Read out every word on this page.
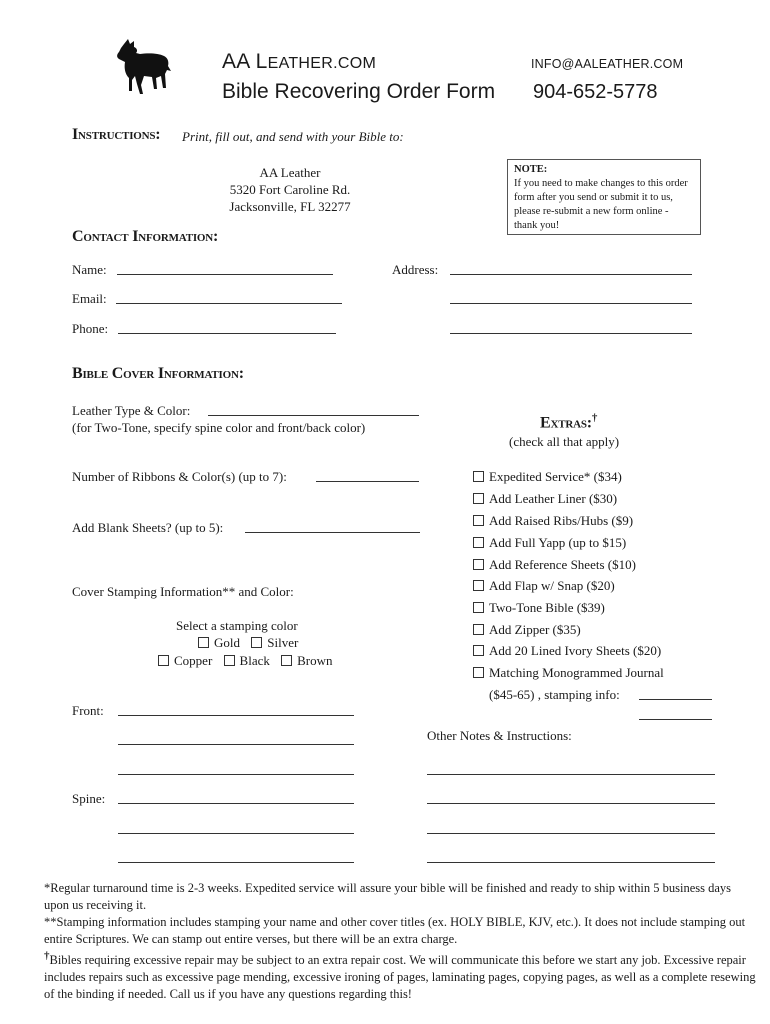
AA LEATHER.COM
Bible Recovering Order Form
INFO@AALEATHER.COM
904-652-5778
Instructions: Print, fill out, and send with your Bible to:
AA Leather
5320 Fort Caroline Rd.
Jacksonville, FL 32277
NOTE:
If you need to make changes to this order form after you send or submit it to us, please re-submit a new form online - thank you!
Contact Information:
Name:
Email:
Phone:
Address:
Bible Cover Information:
Leather Type & Color:
(for Two-Tone, specify spine color and front/back color)
Number of Ribbons & Color(s) (up to 7):
Add Blank Sheets? (up to 5):
Cover Stamping Information** and Color:
Select a stamping color
Gold Silver
Copper Black Brown
Front:
Spine:
Extras:†
(check all that apply)
Expedited Service* ($34)
Add Leather Liner ($30)
Add Raised Ribs/Hubs ($9)
Add Full Yapp (up to $15)
Add Reference Sheets ($10)
Add Flap w/ Snap ($20)
Two-Tone Bible ($39)
Add Zipper ($35)
Add 20 Lined Ivory Sheets ($20)
Matching Monogrammed Journal
($45-65) , stamping info:
Other Notes & Instructions:
*Regular turnaround time is 2-3 weeks. Expedited service will assure your bible will be finished and ready to ship within 5 business days upon us receiving it.
**Stamping information includes stamping your name and other cover titles (ex. HOLY BIBLE, KJV, etc.). It does not include stamping out entire Scriptures. We can stamp out entire verses, but there will be an extra charge.
†Bibles requiring excessive repair may be subject to an extra repair cost. We will communicate this before we start any job. Excessive repair includes repairs such as excessive page mending, excessive ironing of pages, laminating pages, copying pages, as well as a complete resewing of the binding if needed. Call us if you have any questions regarding this!
